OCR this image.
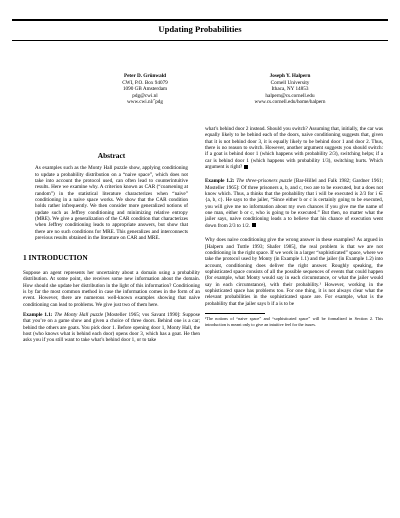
Updating Probabilities
Peter D. Grünwald
CWI, P.O. Box 94079
1090 GB Amsterdam
pdg@cwi.nl
www.cwi.nl/˜pdg
Joseph Y. Halpern
Cornell University
Ithaca, NY 14853
halpern@cs.cornell.edu
www.cs.cornell.edu/home/halpern
Abstract
As examples such as the Monty Hall puzzle show, applying conditioning to update a probability distribution on a “naive space”, which does not take into account the protocol used, can often lead to counterintuitive results. Here we examine why. A criterion known as CAR (“coarsening at random”) in the statistical literature characterizes when “naive” conditioning in a naive space works. We show that the CAR condition holds rather infrequently. We then consider more generalized notions of update such as Jeffrey conditioning and minimizing relative entropy (MRE). We give a generalization of the CAR condition that characterizes when Jeffrey conditioning leads to appropriate answers, but show that there are no such conditions for MRE. This generalizes and interconnects previous results obtained in the literature on CAR and MRE.
1 INTRODUCTION

Suppose an agent represents her uncertainty about a domain using a probability distribution. At some point, she receives some new information about the domain. How should she update her distribution in the light of this information? Conditioning is by far the most common method in case the information comes in the form of an event. However, there are numerous well-known examples showing that naive conditioning can lead to problems. We give just two of them here.

Example 1.1: The Monty Hall puzzle [Mosteller 1965; vos Savant 1990]: Suppose that you’re on a game show and given a choice of three doors. Behind one is a car; behind the others are goats. You pick door 1. Before opening door 1, Monty Hall, the host (who knows what is behind each door) opens door 3, which has a goat. He then asks you if you still want to take what’s behind door 1, or to take

what’s behind door 2 instead. Should you switch? Assuming that, initially, the car was equally likely to be behind each of the doors, naive conditioning suggests that, given that it is not behind door 3, it is equally likely to be behind door 1 and door 2. Thus, there is no reason to switch. However, another argument suggests you should switch: if a goat is behind door 1 (which happens with probability 2/3), switching helps; if a car is behind door 1 (which happens with probability 1/3), switching hurts. Which argument is right?

Example 1.2: The three-prisoners puzzle [Bar-Hillel and Falk 1982; Gardner 1961; Mosteller 1965]: Of three prisoners a, b, and c, two are to be executed, but a does not know which. Thus, a thinks that the probability that i will be executed is 2/3 for i ∈ {a, b, c}. He says to the jailer, “Since either b or c is certainly going to be executed, you will give me no information about my own chances if you give me the name of one man, either b or c, who is going to be executed.” But then, no matter what the jailer says, naive conditioning leads a to believe that his chance of execution went down from 2/3 to 1/2.

Why does naive conditioning give the wrong answer in these examples? As argued in [Halpern and Tuttle 1993; Shafer 1985], the real problem is that we are not conditioning in the right space. If we work in a larger “sophisticated” space, where we take the protocol used by Monty (in Example 1.1) and the jailer (in Example 1.2) into account, conditioning does deliver the right answer. Roughly speaking, the sophisticated space consists of all the possible sequences of events that could happen (for example, what Monty would say in each circumstance, or what the jailer would say in each circumstance), with their probability.¹ However, working in the sophisticated space has problems too. For one thing, it is not always clear what the relevant probabilities in the sophisticated space are. For example, what is the probability that the jailer says b if a is to be

¹The notions of “naive space” and “sophisticated space” will be formalized in Section 2. This introduction is meant only to give an intuitive feel for the issues.
